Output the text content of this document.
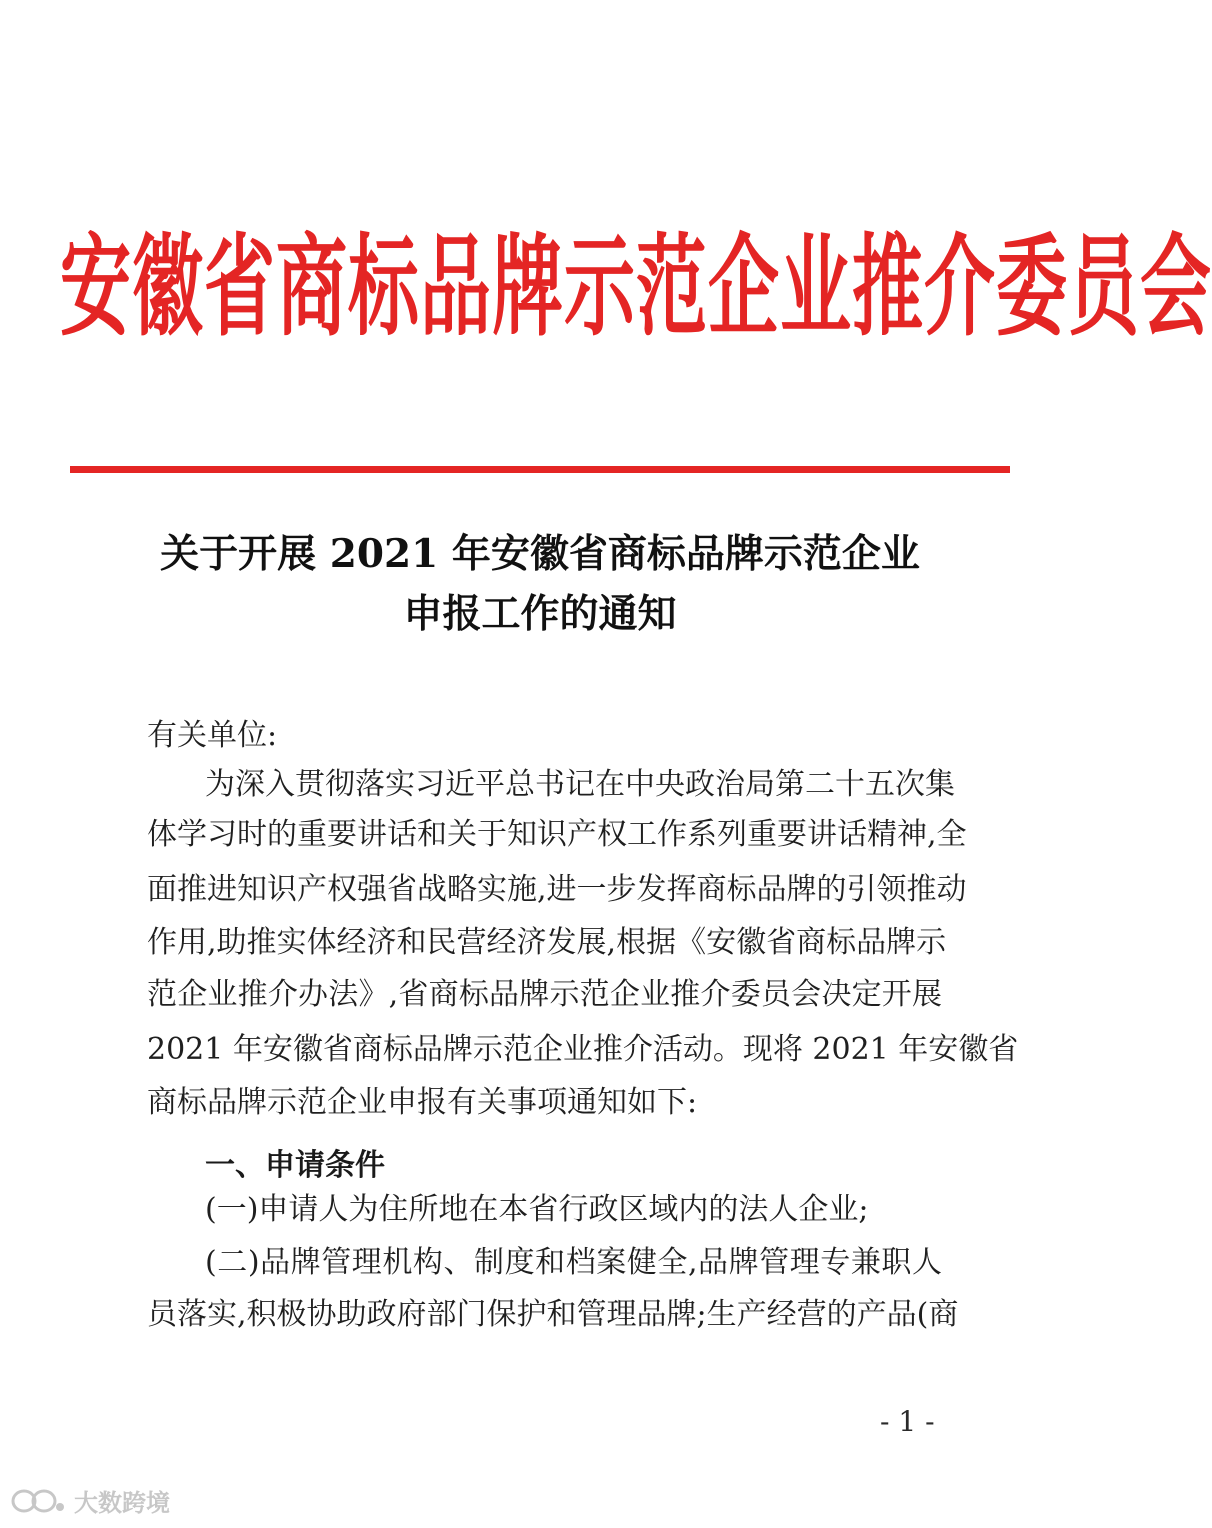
安徽省商标品牌示范企业推介委员会
关于开展 2021 年安徽省商标品牌示范企业
申报工作的通知
有关单位:
为深入贯彻落实习近平总书记在中央政治局第二十五次集
体学习时的重要讲话和关于知识产权工作系列重要讲话精神,全
面推进知识产权强省战略实施,进一步发挥商标品牌的引领推动
作用,助推实体经济和民营经济发展,根据《安徽省商标品牌示
范企业推介办法》,省商标品牌示范企业推介委员会决定开展
2021 年安徽省商标品牌示范企业推介活动。现将 2021 年安徽省
商标品牌示范企业申报有关事项通知如下:
一、申请条件
(一)申请人为住所地在本省行政区域内的法人企业;
(二)品牌管理机构、制度和档案健全,品牌管理专兼职人
员落实,积极协助政府部门保护和管理品牌;生产经营的产品(商
- 1 -
大数跨境
